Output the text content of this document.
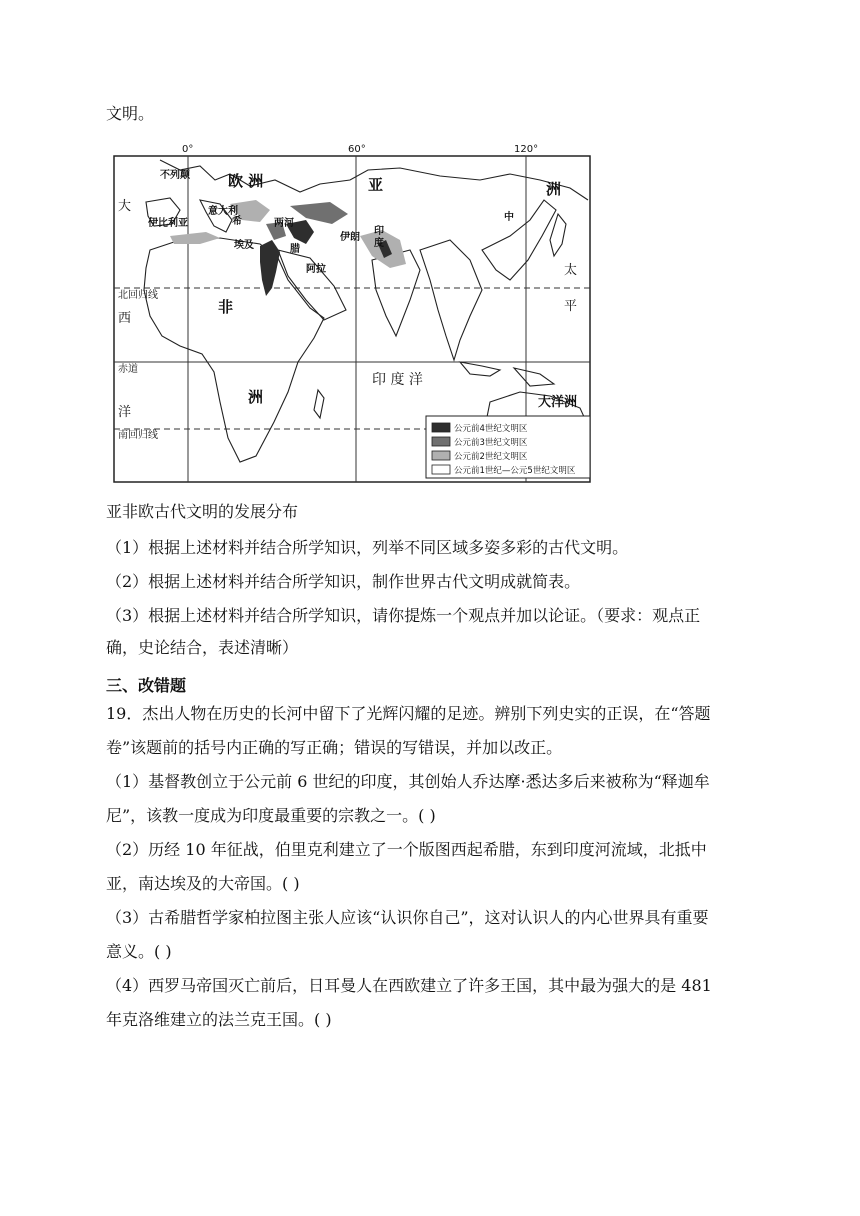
文明。
0°	60°	120°
欧 洲	亚	洲
非
洲
大
西
洋
太
平
印 度 洋
大洋洲
北回归线
赤道
南回归线
不列颠
伊比利亚
意大利
希
腊
两河
阿拉
埃及
伊朗
印
度
中
公元前4世纪文明区
公元前3世纪文明区
公元前2世纪文明区
公元前1世纪—公元5世纪文明区
亚非欧古代文明的发展分布
（1）根据上述材料并结合所学知识，列举不同区域多姿多彩的古代文明。
（2）根据上述材料并结合所学知识，制作世界古代文明成就简表。
（3）根据上述材料并结合所学知识，请你提炼一个观点并加以论证。（要求：观点正
确，史论结合，表述清晰）
三、改错题
19．杰出人物在历史的长河中留下了光辉闪耀的足迹。辨别下列史实的正误，在“答题
卷”该题前的括号内正确的写正确；错误的写错误，并加以改正。
（1）基督教创立于公元前 6 世纪的印度，其创始人乔达摩·悉达多后来被称为“释迦牟
尼”，该教一度成为印度最重要的宗教之一。( )
（2）历经 10 年征战，伯里克利建立了一个版图西起希腊，东到印度河流域，北抵中
亚，南达埃及的大帝国。( )
（3）古希腊哲学家柏拉图主张人应该“认识你自己”，这对认识人的内心世界具有重要
意义。( )
（4）西罗马帝国灭亡前后，日耳曼人在西欧建立了许多王国，其中最为强大的是 481
年克洛维建立的法兰克王国。( )
